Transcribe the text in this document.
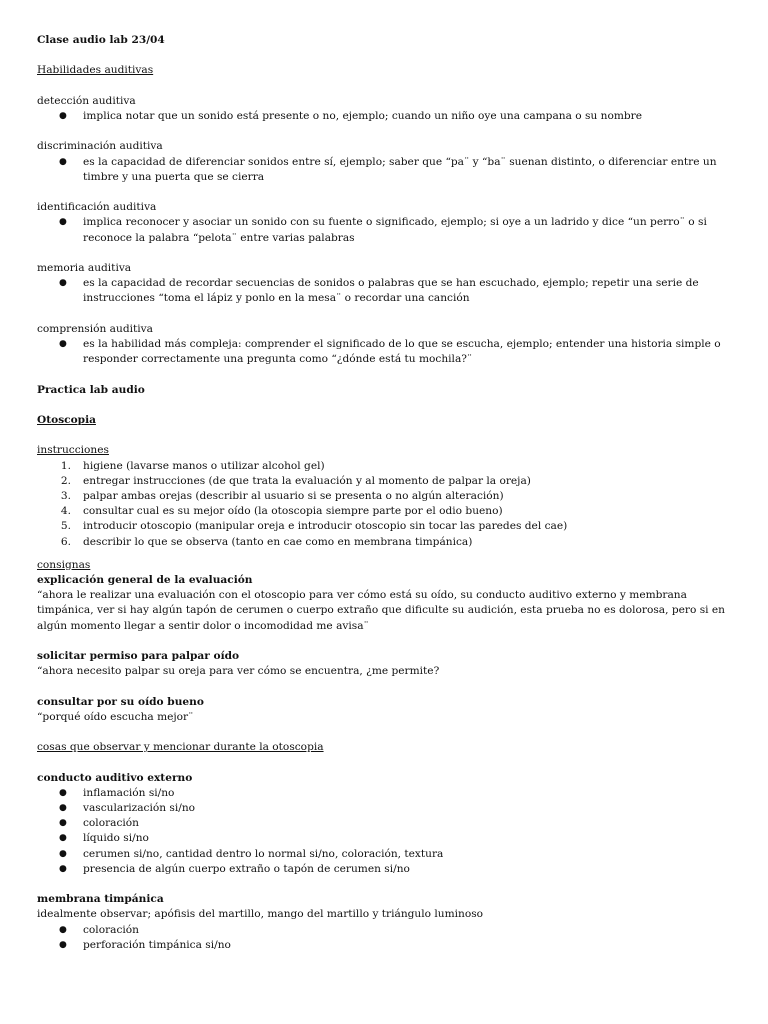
Clase audio lab 23/04
Habilidades auditivas
detección auditiva
● implica notar que un sonido está presente o no, ejemplo; cuando un niño oye una campana o su nombre
discriminación auditiva
● es la capacidad de diferenciar sonidos entre sí, ejemplo; saber que “pa¨ y “ba¨ suenan distinto, o diferenciar entre un timbre y una puerta que se cierra
identificación auditiva
● implica reconocer y asociar un sonido con su fuente o significado, ejemplo; si oye a un ladrido y dice “un perro¨ o si reconoce la palabra “pelota¨ entre varias palabras
memoria auditiva
● es la capacidad de recordar secuencias de sonidos o palabras que se han escuchado, ejemplo; repetir una serie de instrucciones “toma el lápiz y ponlo en la mesa¨ o recordar una canción
comprensión auditiva
● es la habilidad más compleja: comprender el significado de lo que se escucha, ejemplo; entender una historia simple o responder correctamente una pregunta como “¿dónde está tu mochila?¨
Practica lab audio
Otoscopia
instrucciones
1. higiene (lavarse manos o utilizar alcohol gel)
2. entregar instrucciones (de que trata la evaluación y al momento de palpar la oreja)
3. palpar ambas orejas (describir al usuario si se presenta o no algún alteración)
4. consultar cual es su mejor oído (la otoscopia siempre parte por el odio bueno)
5. introducir otoscopio (manipular oreja e introducir otoscopio sin tocar las paredes del cae)
6. describir lo que se observa (tanto en cae como en membrana timpánica)
consignas
explicación general de la evaluación
“ahora le realizar una evaluación con el otoscopio para ver cómo está su oído, su conducto auditivo externo y membrana timpánica, ver si hay algún tapón de cerumen o cuerpo extraño que dificulte su audición, esta prueba no es dolorosa, pero si en algún momento llegar a sentir dolor o incomodidad me avisa¨
solicitar permiso para palpar oído
“ahora necesito palpar su oreja para ver cómo se encuentra, ¿me permite?
consultar por su oído bueno
“porqué oído escucha mejor¨
cosas que observar y mencionar durante la otoscopia
conducto auditivo externo
● inflamación si/no
● vascularización si/no
● coloración
● líquido si/no
● cerumen si/no, cantidad dentro lo normal si/no, coloración, textura
● presencia de algún cuerpo extraño o tapón de cerumen si/no
membrana timpánica
idealmente observar; apófisis del martillo, mango del martillo y triángulo luminoso
● coloración
● perforación timpánica si/no
